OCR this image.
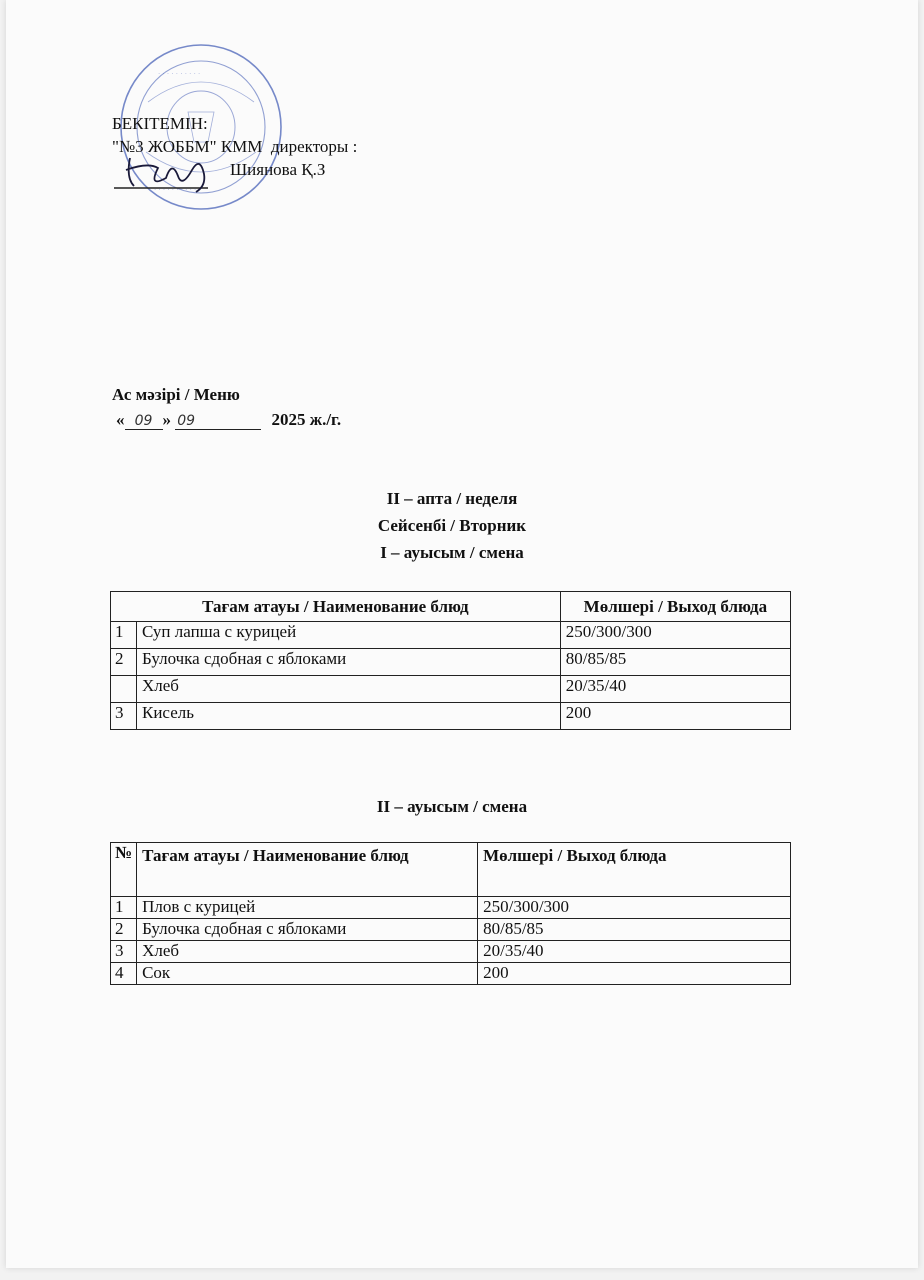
· · · · · · · · · ·
· · · · · · · · · ·
БЕКІТЕМІН:
"№3 ЖОББМ" КММ  директоры :
Шиянова Қ.З
Ас мәзірі / Меню
« 09 » 09	2025 ж./г.
II – апта / неделя
Сейсенбі / Вторник
I – ауысым / смена
Тағам атауы / Наименование блюд		Мөлшері / Выход блюда
1	Суп лапша с курицей	250/300/300
2	Булочка сдобная с яблоками	80/85/85
	Хлеб	20/35/40
3	Кисель	200
II – ауысым / смена
№	Тағам атауы / Наименование блюд	Мөлшері / Выход блюда
1	Плов с курицей	250/300/300
2	Булочка сдобная с яблоками	80/85/85
3	Хлеб	20/35/40
4	Сок	200
